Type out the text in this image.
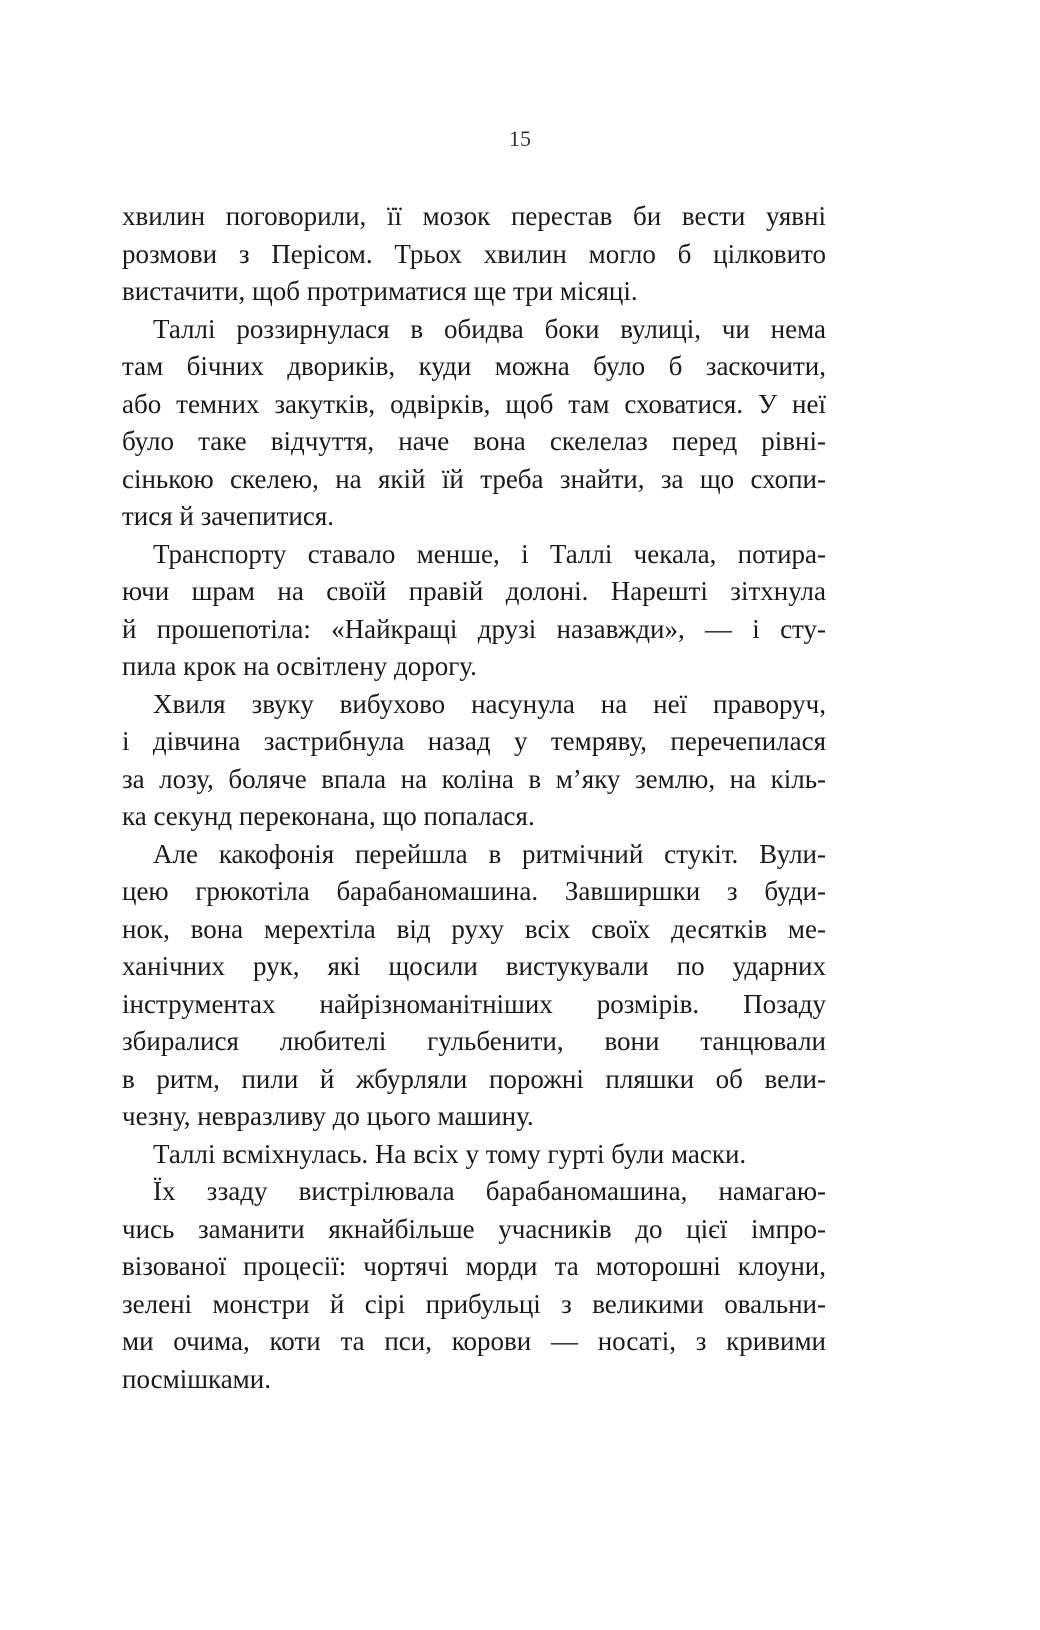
15
хвилин поговорили, її мозок перестав би вести уявні
розмови з Перісом. Трьох хвилин могло б цілковито
вистачити, щоб протриматися ще три місяці.
Таллі роззирнулася в обидва боки вулиці, чи нема
там бічних двориків, куди можна було б заскочити,
або темних закутків, одвірків, щоб там сховатися. У неї
було таке відчуття, наче вона скелелаз перед рівні-
сінькою скелею, на якій їй треба знайти, за що схопи-
тися й зачепитися.
Транспорту ставало менше, і Таллі чекала, потира-
ючи шрам на своїй правій долоні. Нарешті зітхнула
й прошепотіла: «Найкращі друзі назавжди», — і сту-
пила крок на освітлену дорогу.
Хвиля звуку вибухово насунула на неї праворуч,
і дівчина застрибнула назад у темряву, перечепилася
за лозу, боляче впала на коліна в м’яку землю, на кіль-
ка секунд переконана, що попалася.
Але какофонія перейшла в ритмічний стукіт. Вули-
цею грюкотіла барабаномашина. Завширшки з буди-
нок, вона мерехтіла від руху всіх своїх десятків ме-
ханічних рук, які щосили вистукували по ударних
інструментах найрізноманітніших розмірів. Позаду
збиралися любителі гульбенити, вони танцювали
в ритм, пили й жбурляли порожні пляшки об вели-
чезну, невразливу до цього машину.
Таллі всміхнулась. На всіх у тому гурті були маски.
Їх ззаду вистрілювала барабаномашина, намагаю-
чись заманити якнайбільше учасників до цієї імпро-
візованої процесії: чортячі морди та моторошні клоуни,
зелені монстри й сірі прибульці з великими овальни-
ми очима, коти та пси, корови — носаті, з кривими
посмішками.
